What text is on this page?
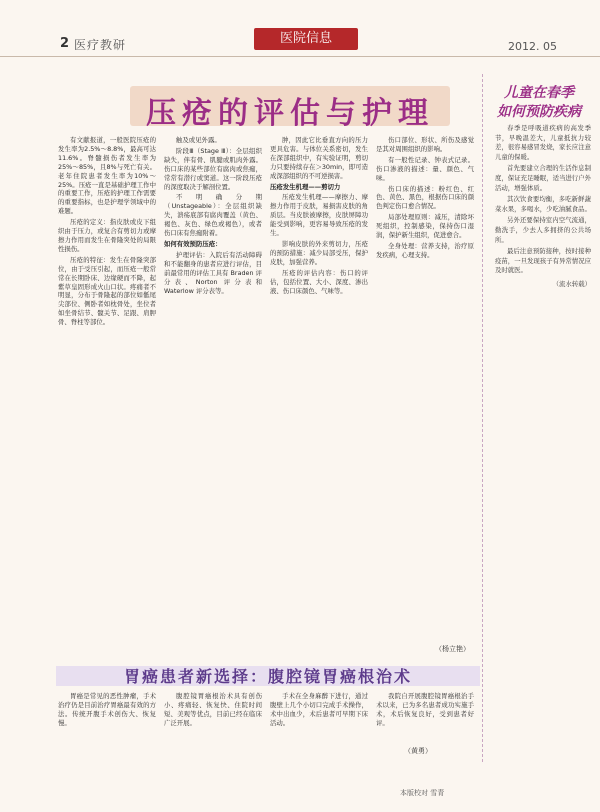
2 医疗教研	医院信息
2012. 05
压疮的评估与护理

有文献报道，一般医院压疮的发生率为2.5%～8.8%，最高可达11.6%。脊髓损伤者发生率为25%～85%，且8%与死亡有关。老年住院患者发生率为10%～25%。压疮一直是基础护理工作中的重要工作，压疮的护理工作需要的重要指标，也是护理学领域中的难题。

压疮的定义：指皮肤或皮下组织由于压力，或复合有剪切力或摩擦力作用而发生在骨隆突处的局限性损伤。

压疮的特征：发生在骨隆突部位，由于受压引起，而压疮一般常常在长期卧床、边缘硬而不降，起紫草皇固形成火山口状。疼痛者不明显，分布于骨隆起的部位如骶尾尖部位、侧卧者如枕骨处，坐位者如坐骨结节、髋关节、足跟、肩胛骨、脊柱等部位。

触及或见外露。

阶段Ⅲ（Stage Ⅲ）：全层组织缺失，伴有骨、肌腱或肌肉外露。伤口床的某些部位有腐肉或焦痂，常常有潜行或窦道。这一阶段压疮的深度取决于解剖位置。

不明确分期（Unstageable）：全层组织缺失，溃疡底部有腐肉覆盖（黄色、褐色、灰色、绿色或褐色），或者伤口床有焦痂附着。

如何有效预防压疮：

护理评估：入院后有活动障碍和不能翻身的患者应进行评估，目前最常用的评估工具有 Braden 评分表、Norton 评分表和 Waterlow 评分表等。

肿，因此它比垂直方向的压力更具危害。与体位关系密切，发生在深部组织中，有实验证明，剪切力只要持续存在＞30min，即可造成深部组织的不可逆损害。

压疮发生机理——剪切力

压疮发生机理——摩擦力、摩擦力作用于皮肤，易损害皮肤的角质层。当皮肤被摩擦，皮肤屏障功能受到影响，更容易导致压疮的发生。

影响皮肤的外来剪切力，压疮的预防措施：减少局部受压，保护皮肤，加强营养。

压疮的评估内容：伤口的评估，包括位置、大小、深度、渗出液、伤口床颜色、气味等。

伤口部位、形状、所伤及感觉是其对周围组织的影响。

有一般性记录、钟表式记录。伤口渗液的描述：量、颜色、气味。

伤口床的描述：粉红色、红色、黄色、黑色，根据伤口床的颜色判定伤口愈合情况。

局部处理原则：减压，清除坏死组织，控制感染，保持伤口湿润，保护新生组织，促进愈合。

全身处理：营养支持，治疗原发疾病，心理支持。

（杨立艳）
儿童在春季
如何预防疾病

春季是呼吸道疾病的高发季节，早晚温差大，儿童抵抗力较差，很容易感冒发烧，家长应注意儿童的保暖。

首先要建立合理的生活作息制度，保证充足睡眠，适当进行户外活动，增强体质。

其次饮食要均衡，多吃新鲜蔬菜水果，多喝水，少吃油腻食品。

另外还要保持室内空气流通，勤洗手，少去人多拥挤的公共场所。

最后注意预防接种，按时接种疫苗，一旦发现孩子有异常情况应及时就医。

（流水转载）
胃癌患者新选择：腹腔镜胃癌根治术

胃癌是常见的恶性肿瘤，手术治疗仍是目前治疗胃癌最有效的方法。传统开腹手术创伤大、恢复慢。

腹腔镜胃癌根治术具有创伤小、疼痛轻、恢复快、住院时间短、美观等优点，目前已经在临床广泛开展。

手术在全身麻醉下进行，通过腹壁上几个小切口完成手术操作，术中出血少，术后患者可早期下床活动。

我院自开展腹腔镜胃癌根治手术以来，已为多名患者成功实施手术，术后恢复良好，受到患者好评。

（黄勇）
本版校对 雪青
